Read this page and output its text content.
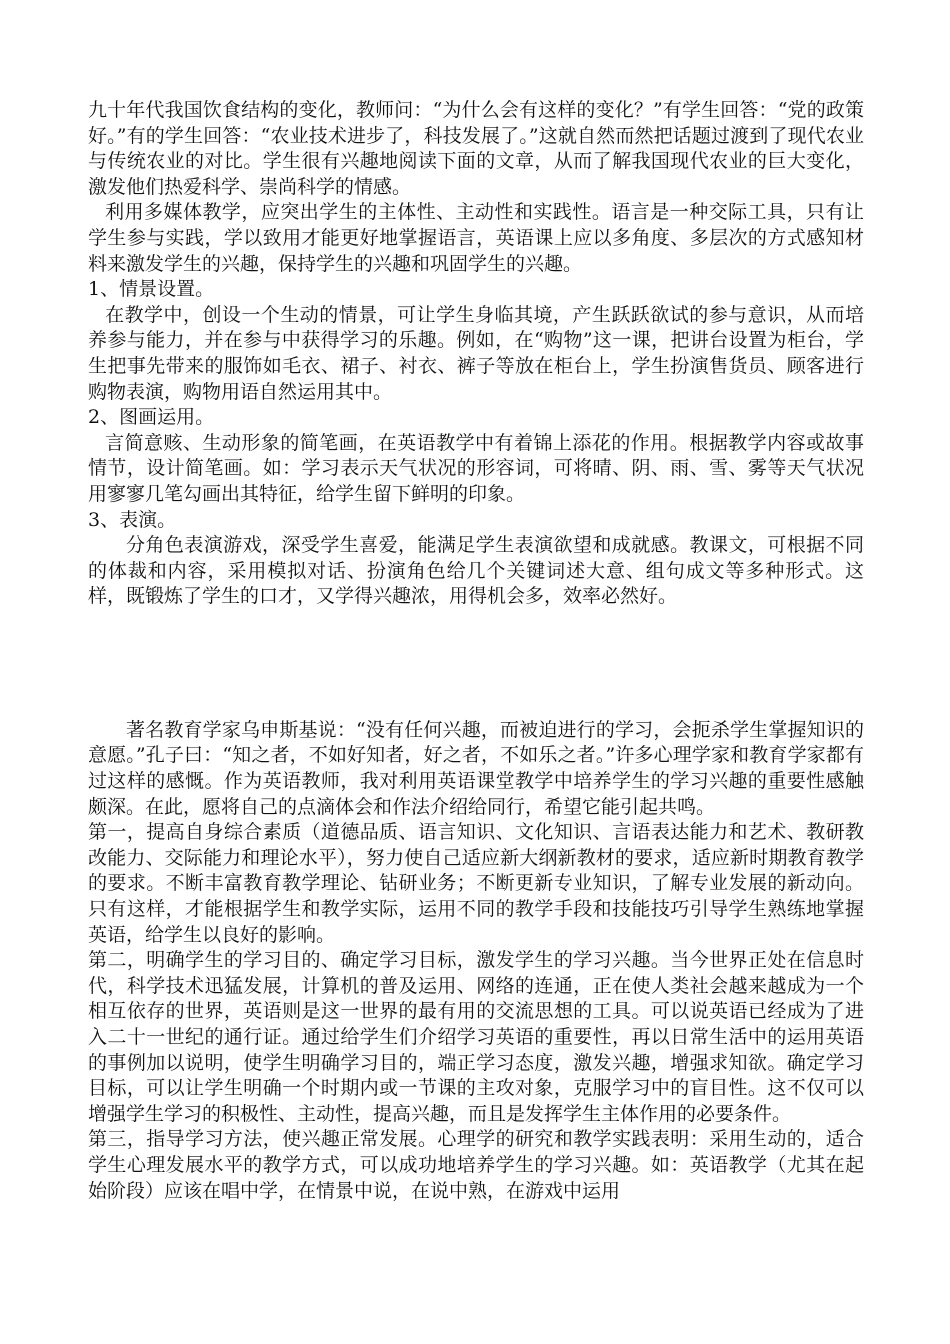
九十年代我国饮食结构的变化，教师问：“为什么会有这样的变化？”有学生回答：“党的政策好。”有的学生回答：“农业技术进步了，科技发展了。”这就自然而然把话题过渡到了现代农业与传统农业的对比。学生很有兴趣地阅读下面的文章，从而了解我国现代农业的巨大变化，激发他们热爱科学、崇尚科学的情感。

利用多媒体教学，应突出学生的主体性、主动性和实践性。语言是一种交际工具，只有让学生参与实践，学以致用才能更好地掌握语言，英语课上应以多角度、多层次的方式感知材料来激发学生的兴趣，保持学生的兴趣和巩固学生的兴趣。

1、情景设置。

在教学中，创设一个生动的情景，可让学生身临其境，产生跃跃欲试的参与意识，从而培养参与能力，并在参与中获得学习的乐趣。例如，在“购物”这一课，把讲台设置为柜台，学生把事先带来的服饰如毛衣、裙子、衬衣、裤子等放在柜台上，学生扮演售货员、顾客进行购物表演，购物用语自然运用其中。

2、图画运用。

言简意赅、生动形象的简笔画，在英语教学中有着锦上添花的作用。根据教学内容或故事情节，设计简笔画。如：学习表示天气状况的形容词，可将晴、阴、雨、雪、雾等天气状况用寥寥几笔勾画出其特征，给学生留下鲜明的印象。

3、表演。

分角色表演游戏，深受学生喜爱，能满足学生表演欲望和成就感。教课文，可根据不同的体裁和内容，采用模拟对话、扮演角色给几个关键词述大意、组句成文等多种形式。这样，既锻炼了学生的口才，又学得兴趣浓，用得机会多，效率必然好。

著名教育学家乌申斯基说：“没有任何兴趣，而被迫进行的学习，会扼杀学生掌握知识的意愿。”孔子曰：“知之者，不如好知者，好之者，不如乐之者。”许多心理学家和教育学家都有过这样的感慨。作为英语教师，我对利用英语课堂教学中培养学生的学习兴趣的重要性感触颇深。在此，愿将自己的点滴体会和作法介绍给同行，希望它能引起共鸣。

第一，提高自身综合素质（道德品质、语言知识、文化知识、言语表达能力和艺术、教研教改能力、交际能力和理论水平），努力使自己适应新大纲新教材的要求，适应新时期教育教学的要求。不断丰富教育教学理论、钻研业务；不断更新专业知识，了解专业发展的新动向。只有这样，才能根据学生和教学实际，运用不同的教学手段和技能技巧引导学生熟练地掌握英语，给学生以良好的影响。

第二，明确学生的学习目的、确定学习目标，激发学生的学习兴趣。当今世界正处在信息时代，科学技术迅猛发展，计算机的普及运用、网络的连通，正在使人类社会越来越成为一个相互依存的世界，英语则是这一世界的最有用的交流思想的工具。可以说英语已经成为了进入二十一世纪的通行证。通过给学生们介绍学习英语的重要性，再以日常生活中的运用英语的事例加以说明，使学生明确学习目的，端正学习态度，激发兴趣，增强求知欲。确定学习目标，可以让学生明确一个时期内或一节课的主攻对象，克服学习中的盲目性。这不仅可以增强学生学习的积极性、主动性，提高兴趣，而且是发挥学生主体作用的必要条件。

第三，指导学习方法，使兴趣正常发展。心理学的研究和教学实践表明：采用生动的，适合学生心理发展水平的教学方式，可以成功地培养学生的学习兴趣。如：英语教学（尤其在起始阶段）应该在唱中学，在情景中说，在说中熟，在游戏中运用
